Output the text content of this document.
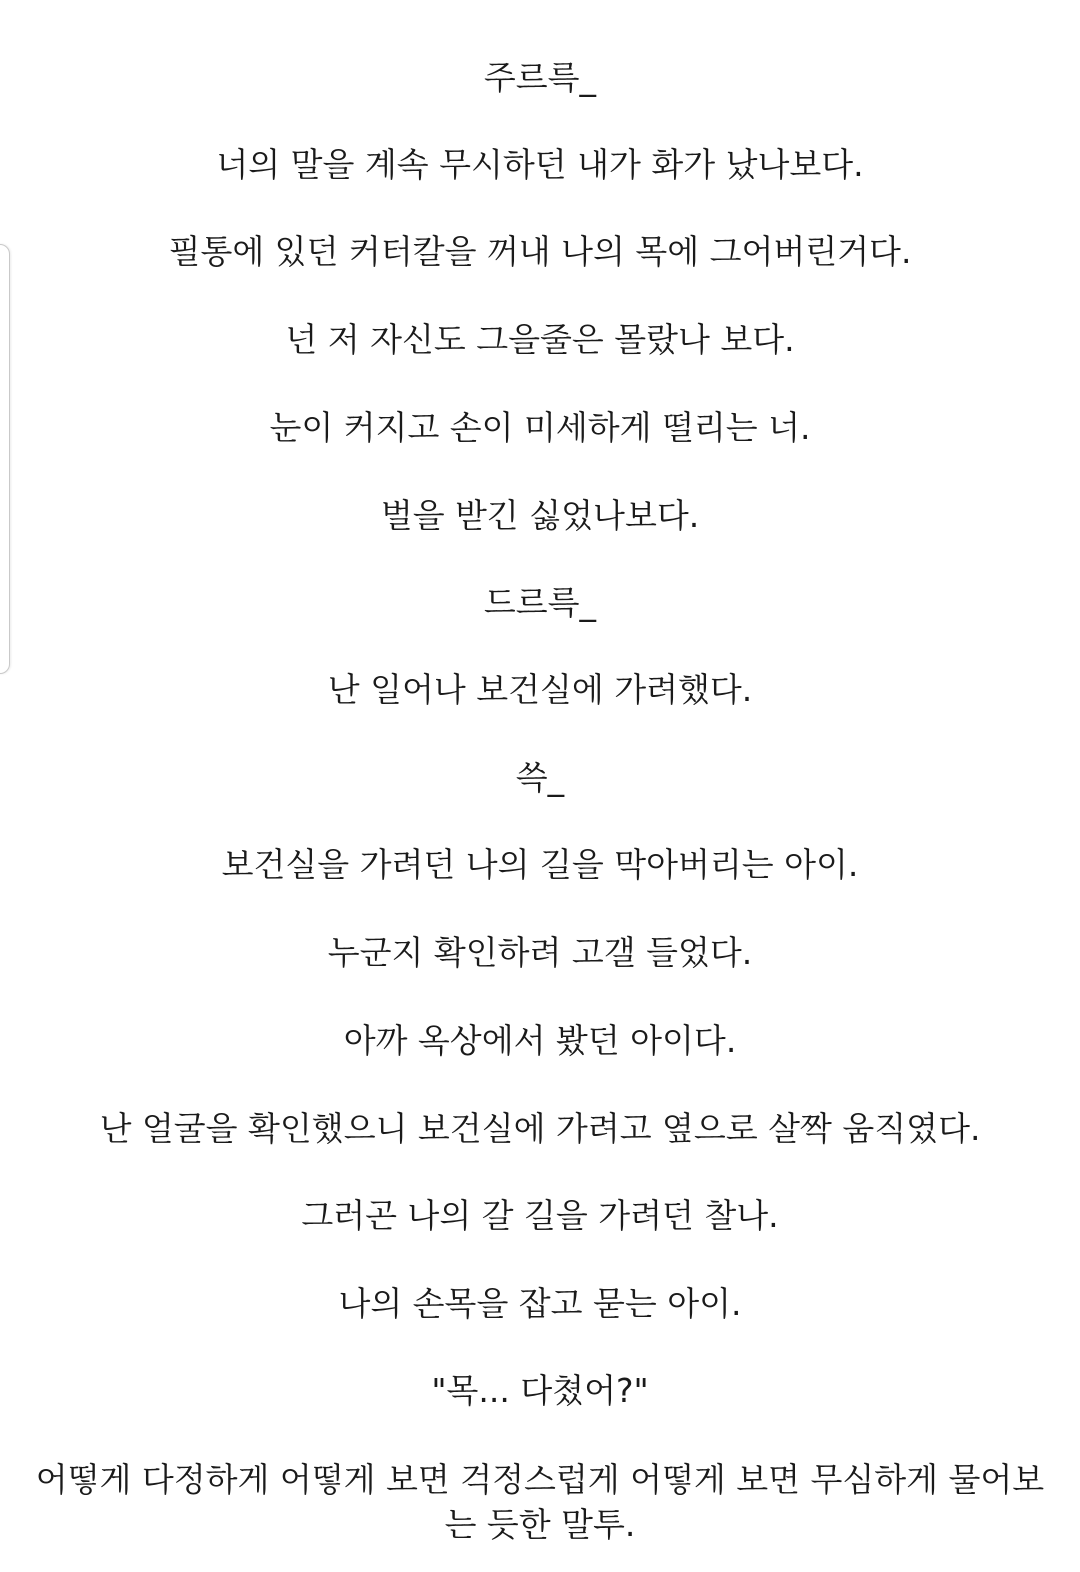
주르륵_
너의 말을 계속 무시하던 내가 화가 났나보다.
필통에 있던 커터칼을 꺼내 나의 목에 그어버린거다.
넌 저 자신도 그을줄은 몰랐나 보다.
눈이 커지고 손이 미세하게 떨리는 너.
벌을 받긴 싫었나보다.
드르륵_
난 일어나 보건실에 가려했다.
쓱_
보건실을 가려던 나의 길을 막아버리는 아이.
누군지 확인하려 고갤 들었다.
아까 옥상에서 봤던 아이다.
난 얼굴을 확인했으니 보건실에 가려고 옆으로 살짝 움직였다.
그러곤 나의 갈 길을 가려던 찰나.
나의 손목을 잡고 묻는 아이.
"목... 다쳤어?"
어떻게 다정하게 어떻게 보면 걱정스럽게 어떻게 보면 무심하게 물어보는 듯한 말투.
